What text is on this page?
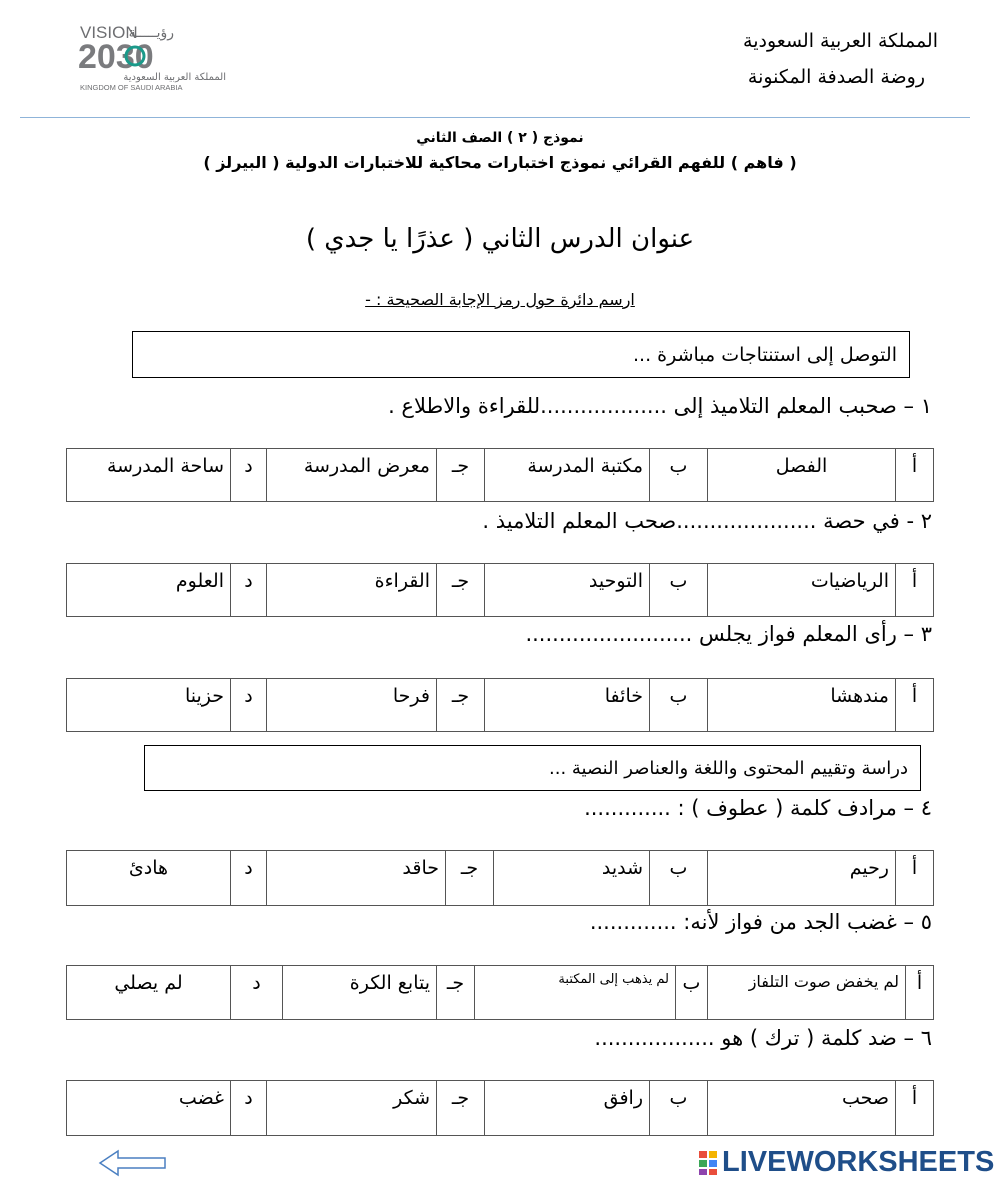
المملكة العربية السعودية
روضة الصدفة المكنونة
VISION
رؤيـــــة
2030
المملكة العربية السعودية
KINGDOM OF SAUDI ARABIA
نموذج ( ٢ ) الصف الثاني
( فاهم ) للفهم القرائي نموذج اختبارات محاكية للاختبارات الدولية ( البيرلز )
عنوان الدرس الثاني ( عذرًا يا جدي )
ارسم دائرة حول رمز الإجابة الصحيحة : -
التوصل إلى استنتاجات مباشرة ...
١ – صحبب المعلم التلاميذ إلى ...................للقراءة والاطلاع .
أ	الفصل	ب	مكتبة المدرسة	جـ	معرض المدرسة	د	ساحة المدرسة
٢ - في حصة .....................صحب المعلم التلاميذ .
أ	الرياضيات	ب	التوحيد	جـ	القراءة	د	العلوم
٣ – رأى المعلم فواز يجلس .........................
أ	مندهشا	ب	خائفا	جـ	فرحا	د	حزينا
دراسة وتقييم المحتوى واللغة والعناصر النصية ...
٤ – مرادف كلمة ( عطوف ) : .............
أ	رحيم	ب	شديد	جـ	حاقد	د	هادئ
٥ – غضب الجد من فواز لأنه: .............
أ	لم يخفض صوت التلفاز	ب	لم يذهب إلى المكتبة	جـ	يتابع الكرة	د	لم يصلي
٦ – ضد كلمة ( ترك ) هو ..................
أ	صحب	ب	رافق	جـ	شكر	د	غضب
LIVEWORKSHEETS
